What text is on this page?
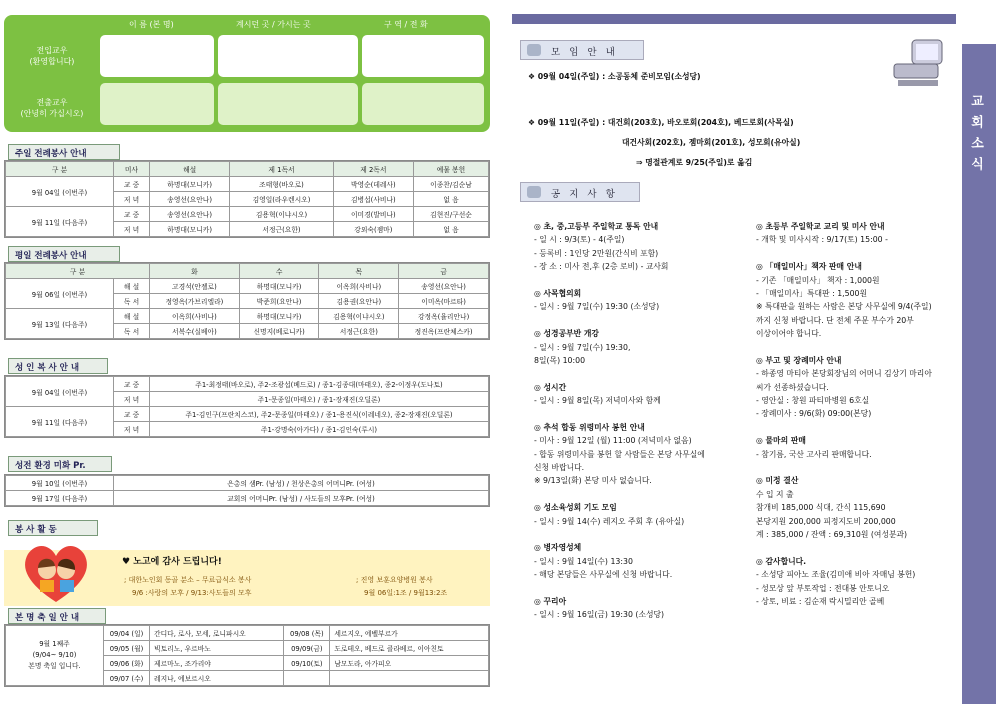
이 름 (본 명)	계시던 곳 / 가시는 곳	구 역 / 전 화
전입교우
(환영합니다)
전출교우
(안녕히 가십시오)
주일 전례봉사 안내
구 분	미사	해설	제 1독서	제 2독서	예물 봉헌
9월 04일 (이번주)	교 중	하명대(모니카)	조태형(바오로)	박영순(데레사)	이종찬/김순남
	저 녁	송영선(요안나)	김영일(라우렌시오)	김병섭(사비나)	없 음
9월 11일 (다음주)	교 중	송영선(요안나)	김용혁(이냐시오)	이미경(발비나)	김현진/구선순
	저 녁	하명대(모니카)	서정근(요한)	강외숙(젬마)	없 음
평일 전례봉사 안내
구 분		화	수	목	금
9월 06일 (이번주)	해 설	고경석(안젤로)	하명대(모니카)	이옥희(사비나)	송영선(요안나)
	독 서	정영옥(가브리엘라)	박준희(요안나)	김용권(요안나)	이미옥(마르타)
9월 13일 (다음주)	해 설	이옥희(사비나)	하명대(모니카)	김용혁(이냐시오)	강정옥(율리안나)
	독 서	서복수(실베아)	신명지(베로니카)	서정근(요한)	정진옥(프란체스카)
성 인 복 사 안 내
9월 04일 (이번주)	교 중	주1-최정태(바오로), 주2-조광섭(베드로) / 종1-김종대(마태오), 종2-이정우(도나토)
	저 녁	주1-문종일(마태오) / 종1-장재진(오딜론)
9월 11일 (다음주)	교 중	주1-김인구(프란치스코), 주2-문종일(마태오) / 종1-용진식(이레네오), 종2-장재진(오딜론)
	저 녁	주1-강명숙(아가다) / 종1-김인숙(루시)
성전 환경 미화 Pr.
9월 10일 (이번주)	은총의 샘Pr. (남성) / 천상은총의 어머니Pr. (여성)
9월 17일 (다음주)	교회의 어머니Pr. (남성) / 사도들의 모후Pr. (여성)
봉 사 활 동
♥ 노고에 감사 드립니다!
; 대한노인회 동골 분소 – 무료급식소 봉사
9/6 :사랑의 모후 / 9/13:사도들의 모후
; 진영 보훈요양병원 봉사
9월 06일:1조 / 9월13:2조
본 명 축 일 안 내
9월 1째주
(9/04~ 9/10)
본명 축일 입니다.	09/04 (일)	간디다, 로사, 모세, 로니파시오	09/08 (목)	세르지오, 에벨부르가
	09/05 (월)	빅토리노, 우르바노	09/09(금)	도로테오, 베드로 클라베르, 이아친토
	09/06 (화)	제르마노, 조가리야	09/10(토)	남모도라, 아가피오
	09/07 (수)	레지나, 에보르시오		
교회소식
모 임 안 내
❖ 09월 04일(주일) : 소공동체 준비모임(소성당)
❖ 09월 11일(주일) : 대건회(203호), 바오로회(204호), 베드로회(사목실)
대건사회(202호), 젬마회(201호), 성모회(유아실)
⇒ 명절관계로 9/25(주일)로 옮김
공 지 사 항
◎ 초, 중,고등부 주일학교 통독 안내
- 일 시 : 9/3(토) - 4(주일)
- 등록비 : 1인당 2만원(간식비 포함)
- 장 소 : 미사 전,후 (2층 로비) - 교사회
◎ 사목협의회
- 일시 : 9월 7일(수) 19:30 (소성당)
◎ 성경공부반 개강
- 일시 : 9월 7일(수) 19:30,
8일(목) 10:00
◎ 성시간
- 일시 : 9월 8일(목) 저녁미사와 함께
◎ 추석 합동 위령미사 봉헌 안내
- 미사 : 9월 12일 (월) 11:00 (저녁미사 없음)
- 합동 위령미사를 봉헌 할 사람들은 본당 사무실에
신청 바랍니다.
※ 9/13일(화) 본당 미사 없습니다.
◎ 성소육성회 기도 모임
- 일시 : 9월 14(수) 레지오 주회 후 (유아실)
◎ 병자영성체
- 일시 : 9월 14일(수) 13:30
- 해당 본당들은 사무실에 신청 바랍니다.
◎ 꾸리아
- 일시 : 9월 16일(금) 19:30 (소성당)
◎ 초등부 주일학교 교리 및 미사 안내
- 개학 및 미사시작 : 9/17(토) 15:00 -
◎ 「매일미사」책자 판매 안내
- 기존 「매일미사」 책자 : 1,000원
- 「매일미사」특대판 : 1,500원
※ 특대판을 원하는 사람은 본당 사무실에 9/4(주일)
까지 신청 바랍니다. 단 전체 주문 부수가 20부
이상이어야 합니다.
◎ 부고 및 장례미사 안내
- 하종영 마티아 본당회장님의 어머니 김상기 마리아
씨가 선종하셨습니다.
- 영안실 : 창원 파티마병원 6호실
- 장례미사 : 9/6(화) 09:00(본당)
◎ 물마의 판매
- 참기름, 국산 고사리 판매합니다.
◎ 미정 결산
수 입 지 출
참개비 185,000 식대, 간식 115,690
본당지원 200,000 피정지도비 200,000
계 : 385,000 / 잔액 : 69,310원 (여성분과)
◎ 감사합니다.
- 소성당 피아노 조율(김미애 비아 자매님 봉헌)
- 성모상 앞 부토작업 : 전대봉 안토니오
- 상토, 비료 : 김순재 락시밀리안 골베
